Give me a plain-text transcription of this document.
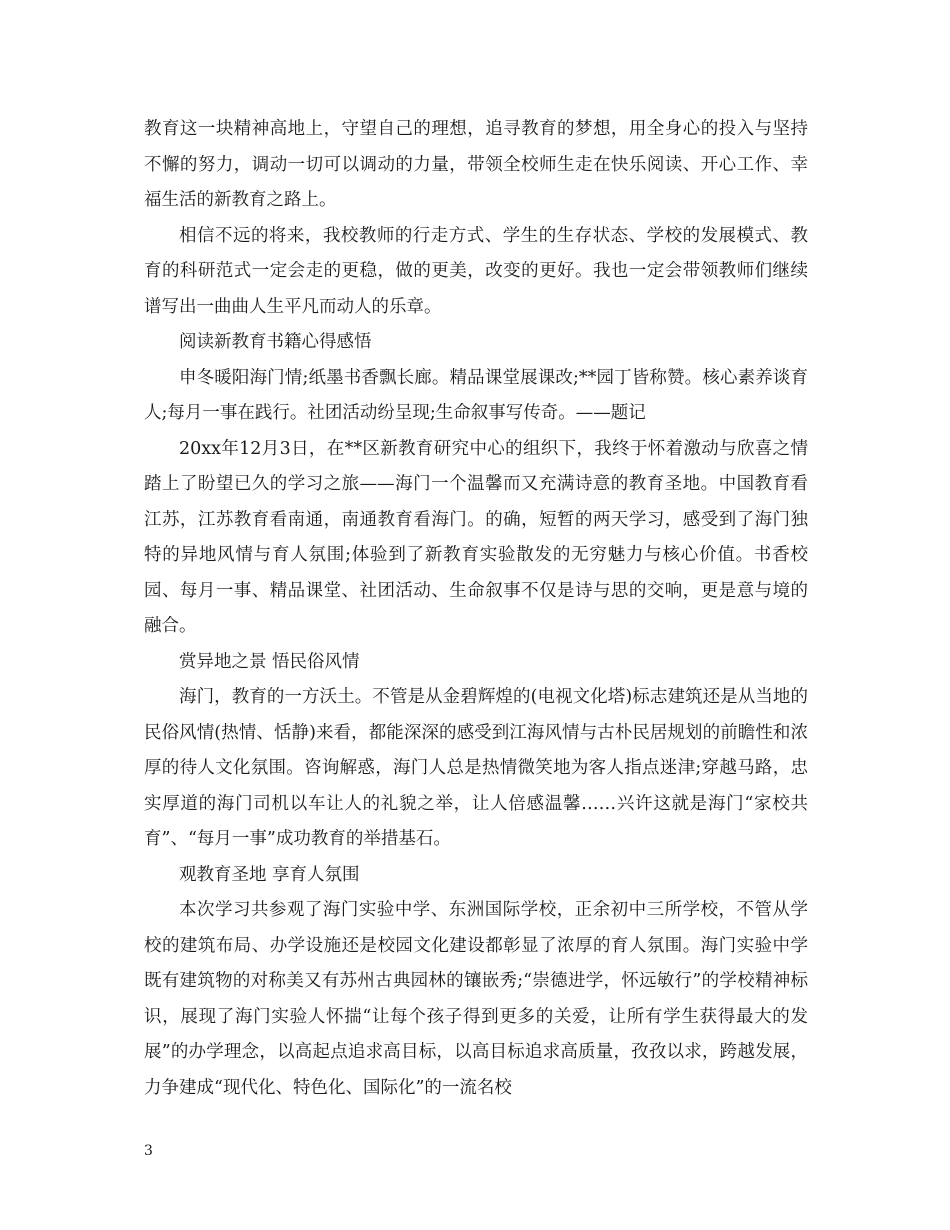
教育这一块精神高地上，守望自己的理想，追寻教育的梦想，用全身心的投入与坚持不懈的努力，调动一切可以调动的力量，带领全校师生走在快乐阅读、开心工作、幸福生活的新教育之路上。

相信不远的将来，我校教师的行走方式、学生的生存状态、学校的发展模式、教育的科研范式一定会走的更稳，做的更美，改变的更好。我也一定会带领教师们继续谱写出一曲曲人生平凡而动人的乐章。

阅读新教育书籍心得感悟

申冬暖阳海门情;纸墨书香飘长廊。精品课堂展课改;**园丁皆称赞。核心素养谈育人;每月一事在践行。社团活动纷呈现;生命叙事写传奇。——题记

20xx年12月3日，在**区新教育研究中心的组织下，我终于怀着激动与欣喜之情踏上了盼望已久的学习之旅——海门一个温馨而又充满诗意的教育圣地。中国教育看江苏，江苏教育看南通，南通教育看海门。的确，短暂的两天学习，感受到了海门独特的异地风情与育人氛围;体验到了新教育实验散发的无穷魅力与核心价值。书香校园、每月一事、精品课堂、社团活动、生命叙事不仅是诗与思的交响，更是意与境的融合。

赏异地之景 悟民俗风情

海门，教育的一方沃土。不管是从金碧辉煌的(电视文化塔)标志建筑还是从当地的民俗风情(热情、恬静)来看，都能深深的感受到江海风情与古朴民居规划的前瞻性和浓厚的待人文化氛围。咨询解惑，海门人总是热情微笑地为客人指点迷津;穿越马路，忠实厚道的海门司机以车让人的礼貌之举，让人倍感温馨……兴许这就是海门“家校共育”、“每月一事”成功教育的举措基石。

观教育圣地 享育人氛围

本次学习共参观了海门实验中学、东洲国际学校，正余初中三所学校，不管从学校的建筑布局、办学设施还是校园文化建设都彰显了浓厚的育人氛围。海门实验中学既有建筑物的对称美又有苏州古典园林的镶嵌秀;“崇德进学，怀远敏行”的学校精神标识，展现了海门实验人怀揣“让每个孩子得到更多的关爱，让所有学生获得最大的发展”的办学理念，以高起点追求高目标，以高目标追求高质量，孜孜以求，跨越发展，力争建成“现代化、特色化、国际化”的一流名校

3
